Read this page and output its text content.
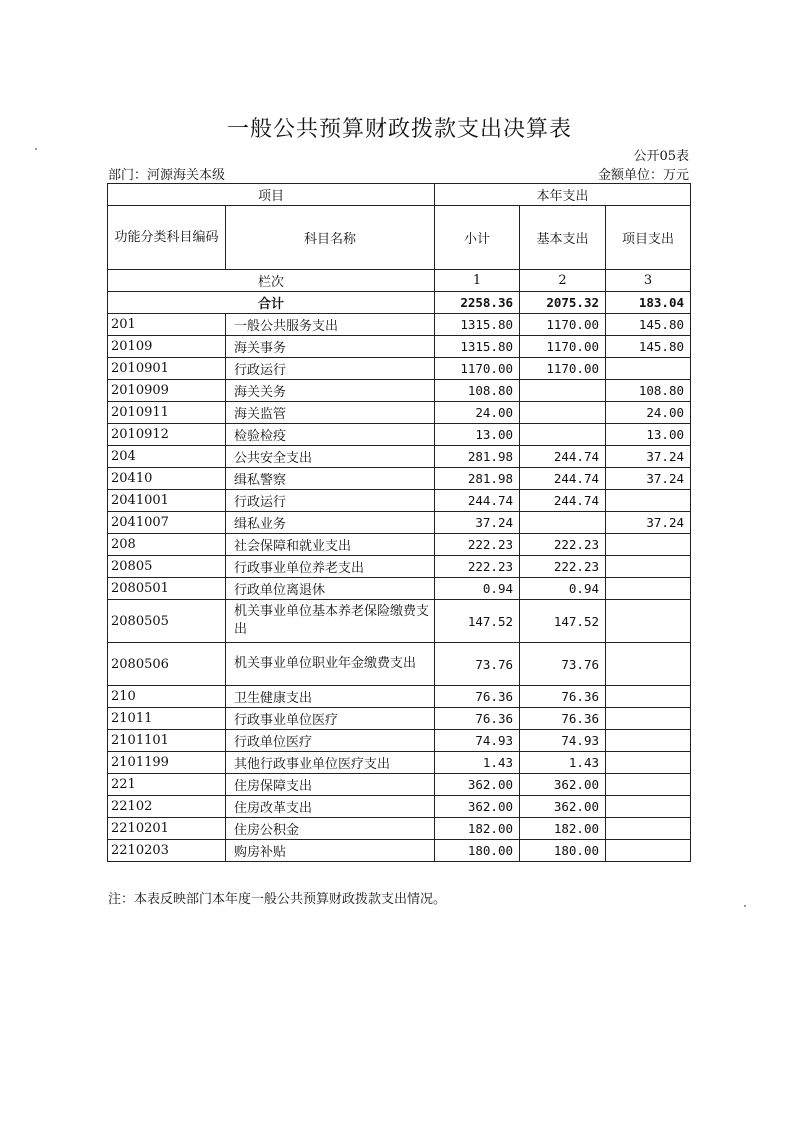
一般公共预算财政拨款支出决算表
公开05表
部门：河源海关本级	金额单位：万元
项目		本年支出		
功能分类科目编码	科目名称	小计	基本支出	项目支出
栏次		1	2	3
合计		2258.36	2075.32	183.04
201	一般公共服务支出	1315.80	1170.00	145.80
20109	海关事务	1315.80	1170.00	145.80
2010901	行政运行	1170.00	1170.00	
2010909	海关关务	108.80		108.80
2010911	海关监管	24.00		24.00
2010912	检验检疫	13.00		13.00
204	公共安全支出	281.98	244.74	37.24
20410	缉私警察	281.98	244.74	37.24
2041001	行政运行	244.74	244.74	
2041007	缉私业务	37.24		37.24
208	社会保障和就业支出	222.23	222.23	
20805	行政事业单位养老支出	222.23	222.23	
2080501	行政单位离退休	0.94	0.94	
2080505	机关事业单位基本养老保险缴费支出	147.52	147.52	
2080506	机关事业单位职业年金缴费支出	73.76	73.76	
210	卫生健康支出	76.36	76.36	
21011	行政事业单位医疗	76.36	76.36	
2101101	行政单位医疗	74.93	74.93	
2101199	其他行政事业单位医疗支出	1.43	1.43	
221	住房保障支出	362.00	362.00	
22102	住房改革支出	362.00	362.00	
2210201	住房公积金	182.00	182.00	
2210203	购房补贴	180.00	180.00	
注：本表反映部门本年度一般公共预算财政拨款支出情况。
